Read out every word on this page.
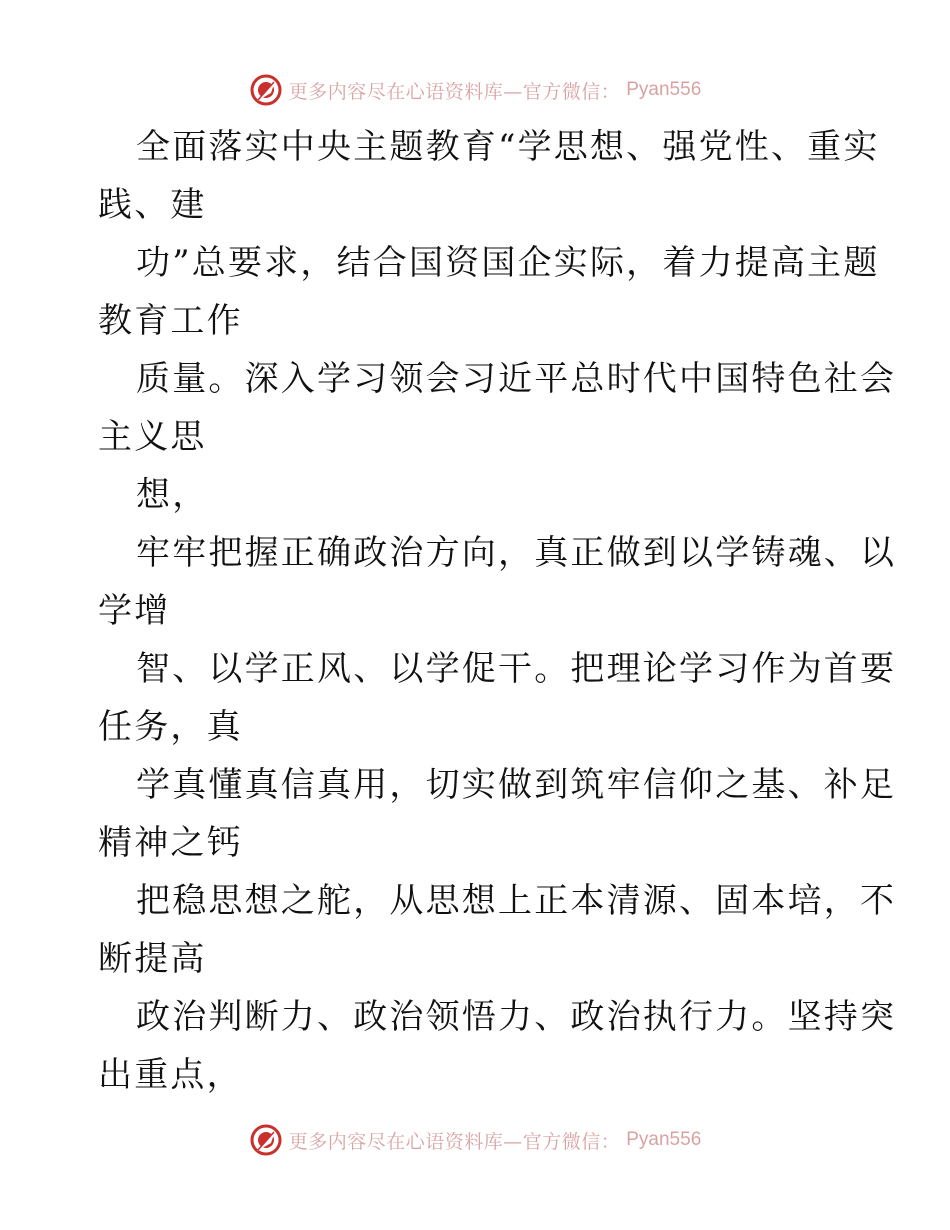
更多内容尽在心语资料库—官方微信： Pyan556
全面落实中央主题教育“学思想、强党性、重实
践、建
功”总要求，结合国资国企实际，着力提高主题
教育工作
质量。深入学习领会习近平总时代中国特色社会
主义思
想，
牢牢把握正确政治方向，真正做到以学铸魂、以
学增
智、以学正风、以学促干。把理论学习作为首要
任务，真
学真懂真信真用，切实做到筑牢信仰之基、补足
精神之钙
把稳思想之舵，从思想上正本清源、固本培，不
断提高
政治判断力、政治领悟力、政治执行力。坚持突
出重点，
更多内容尽在心语资料库—官方微信： Pyan556
